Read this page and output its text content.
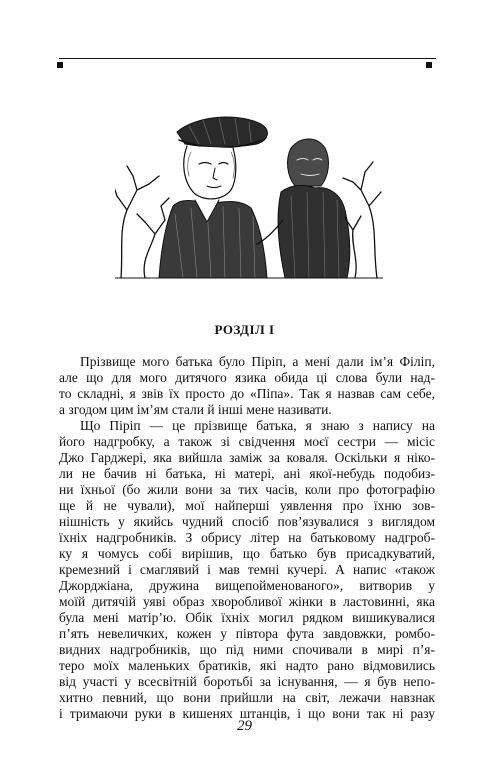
РОЗДІЛ І

Прізвище мого батька було Піріп, а мені дали ім’я Філіп,

але що для мого дитячого язика обида ці слова були над-

то складні, я звів їх просто до «Піпа». Так я назвав сам себе,

а згодом цим ім’ям стали й інші мене називати.

Що Піріп — це прізвище батька, я знаю з напису на

його надгробку, а також зі свідчення моєї сестри — місіс

Джо Гарджері, яка вийшла заміж за коваля. Оскільки я ніко-

ли не бачив ні батька, ні матері, ані якої-небудь подобиз-

ни їхньої (бо жили вони за тих часів, коли про фотографію

ще й не чували), мої найперші уявлення про їхню зов-

нішність у якийсь чудний спосіб пов’язувалися з виглядом

їхніх надгробників. З обрису літер на батьковому надгроб-

ку я чомусь собі вирішив, що батько був присадкуватий,

кремезний і смаглявий і мав темні кучері. А напис «також

Джорджіана, дружина вищепойменованого», витворив у

моїй дитячій уяві образ хворобливої жінки в ластовинні, яка

була мені матір’ю. Обік їхніх могил рядком вишикувалися

п’ять невеличких, кожен у півтора фута завдовжки, ромбо-

видних надгробників, що під ними спочивали в мирі п’я-

теро моїх маленьких братиків, які надто рано відмовились

від участі у всесвітній боротьбі за існування, — я був непо-

хитно певний, що вони прийшли на світ, лежачи навзнак

і тримаючи руки в кишенях штанців, і що вони так ні разу

29
